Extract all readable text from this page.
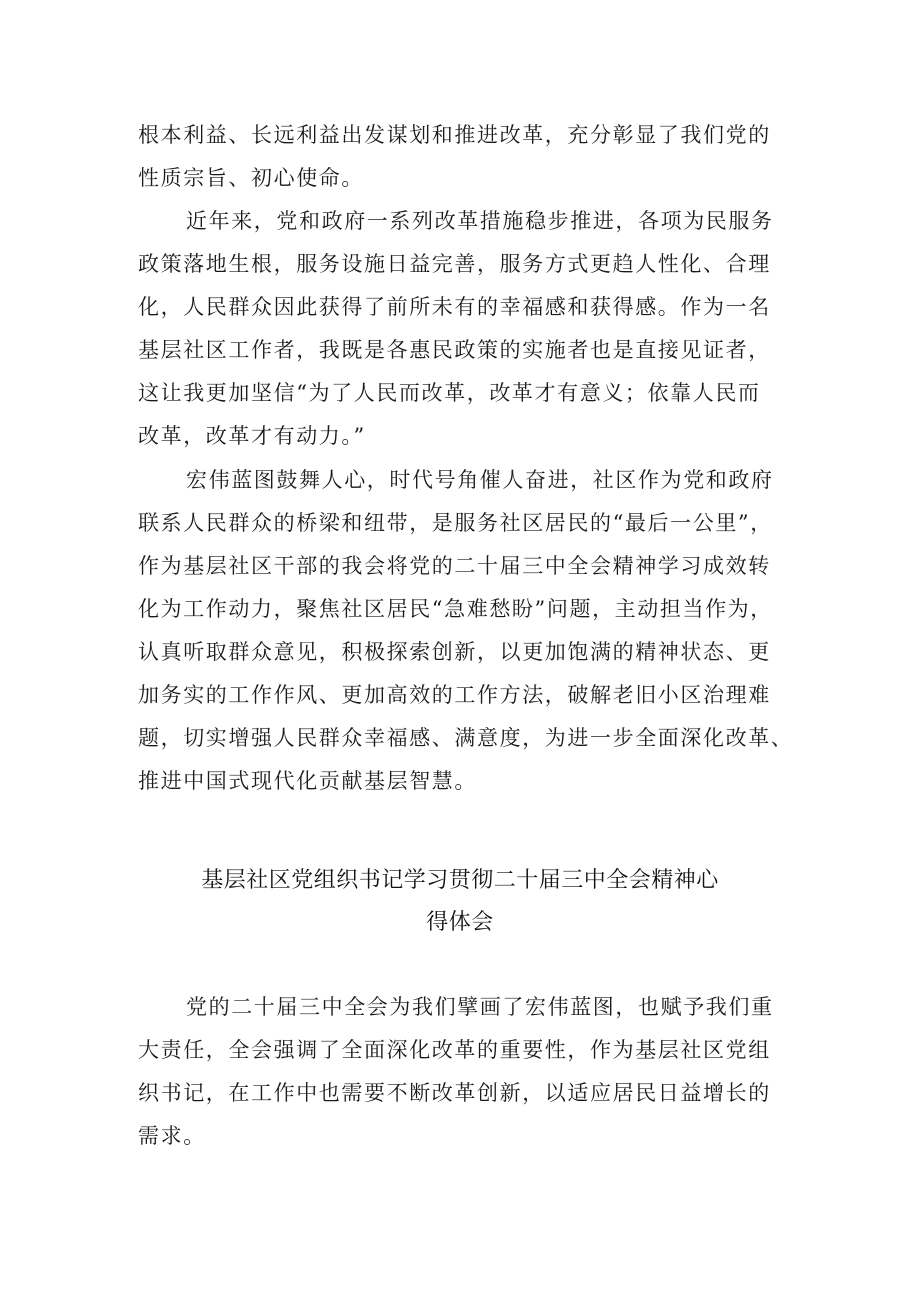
根本利益、长远利益出发谋划和推进改革，充分彰显了我们党的
性质宗旨、初心使命。
近年来，党和政府一系列改革措施稳步推进，各项为民服务
政策落地生根，服务设施日益完善，服务方式更趋人性化、合理
化，人民群众因此获得了前所未有的幸福感和获得感。作为一名
基层社区工作者，我既是各惠民政策的实施者也是直接见证者，
这让我更加坚信“为了人民而改革，改革才有意义；依靠人民而
改革，改革才有动力。”
宏伟蓝图鼓舞人心，时代号角催人奋进，社区作为党和政府
联系人民群众的桥梁和纽带，是服务社区居民的“最后一公里”，
作为基层社区干部的我会将党的二十届三中全会精神学习成效转
化为工作动力，聚焦社区居民“急难愁盼”问题，主动担当作为，
认真听取群众意见，积极探索创新，以更加饱满的精神状态、更
加务实的工作作风、更加高效的工作方法，破解老旧小区治理难
题，切实增强人民群众幸福感、满意度，为进一步全面深化改革、
推进中国式现代化贡献基层智慧。
基层社区党组织书记学习贯彻二十届三中全会精神心
得体会
党的二十届三中全会为我们擘画了宏伟蓝图，也赋予我们重
大责任，全会强调了全面深化改革的重要性，作为基层社区党组
织书记，在工作中也需要不断改革创新，以适应居民日益增长的
需求。
